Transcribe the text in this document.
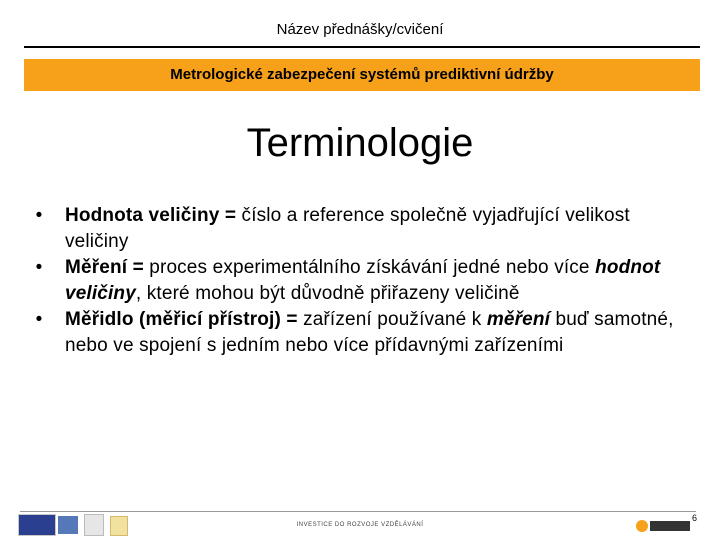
Název přednášky/cvičení
Metrologické zabezpečení systémů prediktivní údržby
Terminologie
• Hodnota veličiny = číslo a reference společně vyjadřující velikost veličiny
• Měření = proces experimentálního získávání jedné nebo více hodnot veličiny, které mohou být důvodně přiřazeny veličině
• Měřidlo (měřicí přístroj) = zařízení používané k měření buď samotné, nebo ve spojení s jedním nebo více přídavnými zařízeními
INVESTICE DO ROZVOJE VZDĚLÁVÁNÍ
6
